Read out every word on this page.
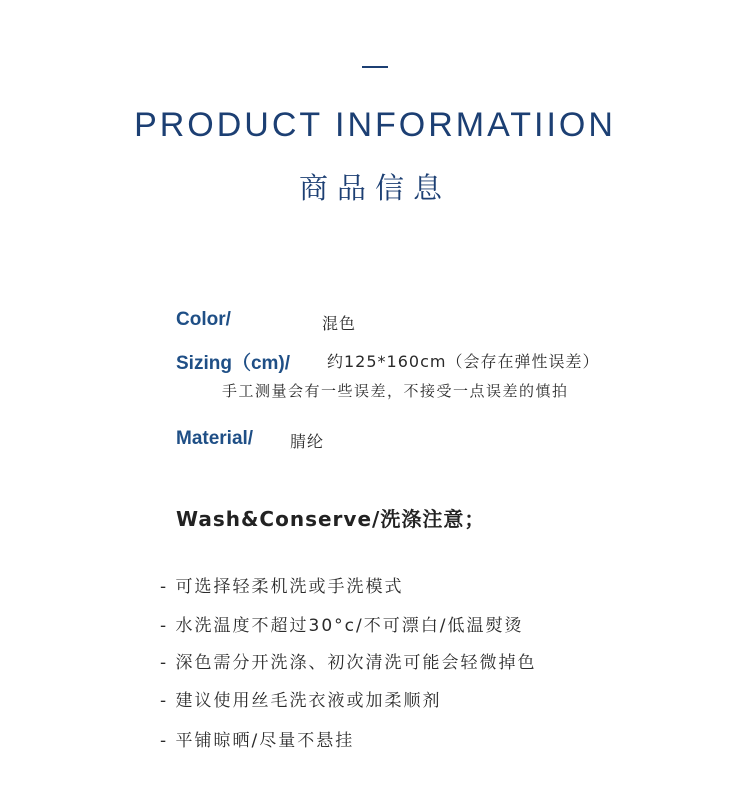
PRODUCT INFORMATIION
商品信息
Color/	混色
Sizing（cm)/ 约125*160cm（会存在弹性误差）
手工测量会有一些误差，不接受一点误差的慎拍
Material/ 腈纶
Wash&Conserve/洗涤注意；
- 可选择轻柔机洗或手洗模式
- 水洗温度不超过30°c/不可漂白/低温熨烫
- 深色需分开洗涤、初次清洗可能会轻微掉色
- 建议使用丝毛洗衣液或加柔顺剂
- 平铺晾晒/尽量不悬挂
